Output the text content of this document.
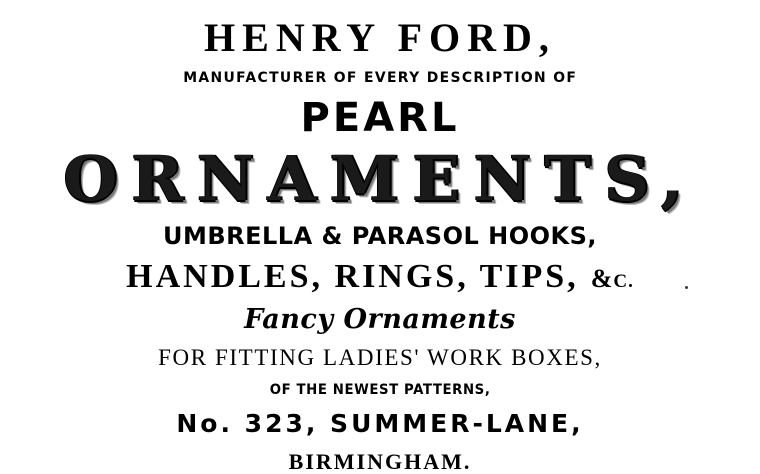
HENRY FORD,
MANUFACTURER OF EVERY DESCRIPTION OF
PEARL
ORNAMENTS,
UMBRELLA & PARASOL HOOKS,
HANDLES, RINGS, TIPS, &C.
Fancy Ornaments
FOR FITTING LADIES' WORK BOXES,
OF THE NEWEST PATTERNS,
No. 323, SUMMER-LANE,
BIRMINGHAM.
